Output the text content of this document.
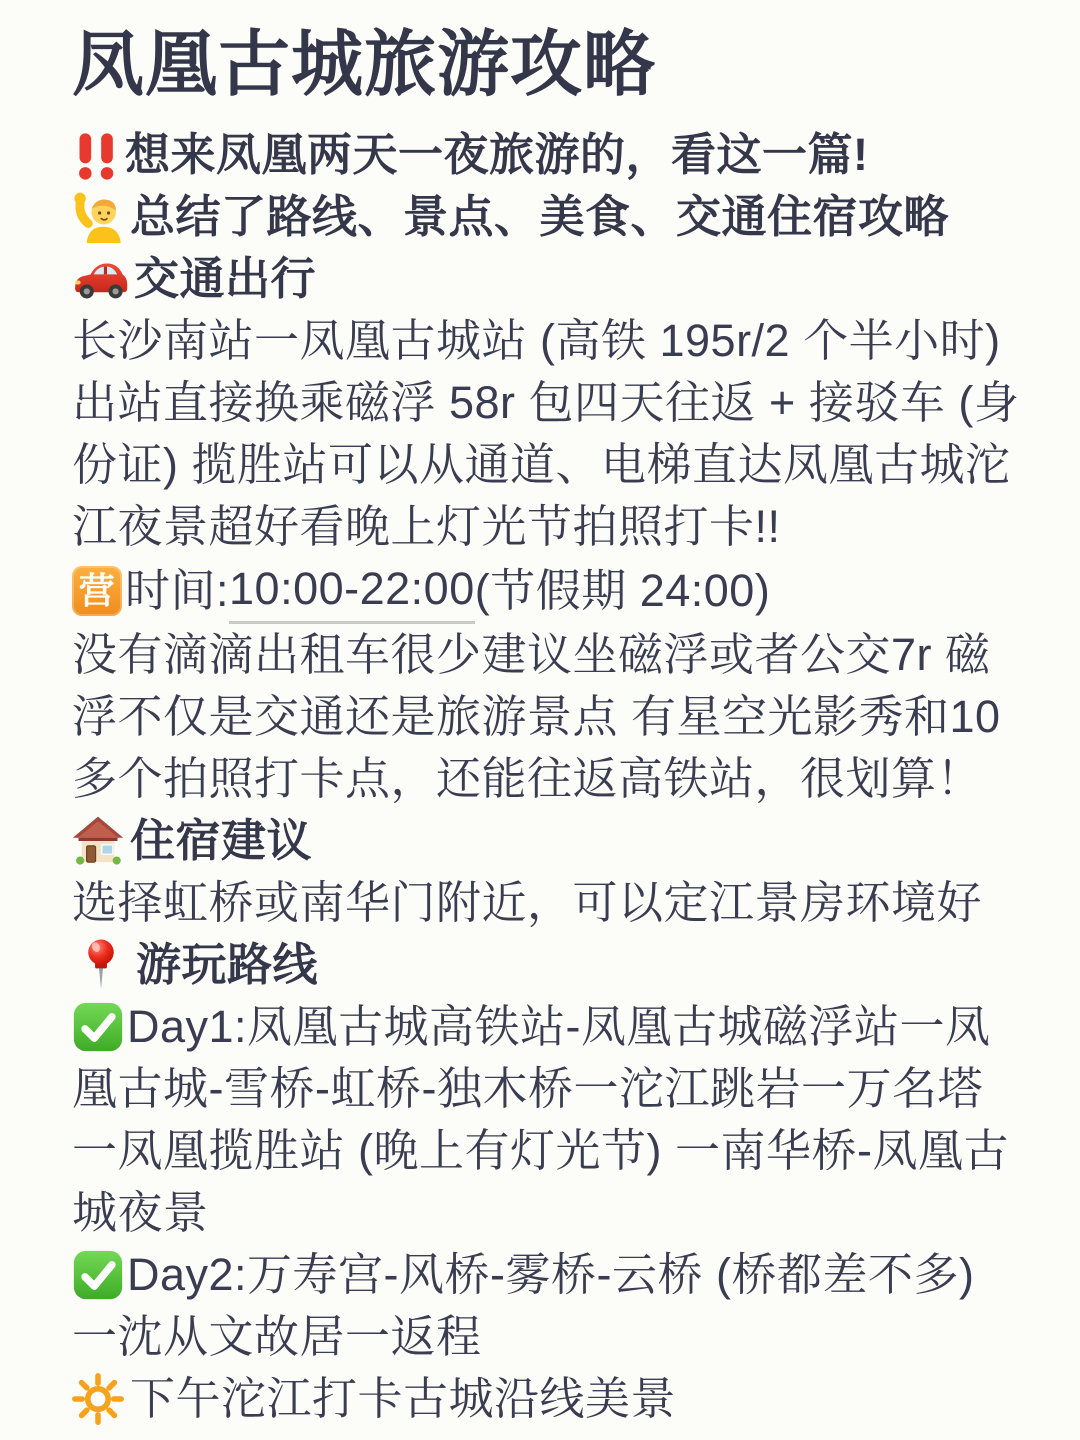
凤凰古城旅游攻略
想来凤凰两天一夜旅游的，看这一篇!
总结了路线、景点、美食、交通住宿攻略
交通出行
长沙南站一凤凰古城站 (高铁 195r/2 个半小时)
出站直接换乘磁浮 58r 包四天往返 + 接驳车 (身
份证) 揽胜站可以从通道、电梯直达凤凰古城沱
江夜景超好看晚上灯光节拍照打卡!!
营 时间: 10:00-22:00 (节假期 24:00)
没有滴滴出租车很少建议坐磁浮或者公交7r 磁
浮不仅是交通还是旅游景点 有星空光影秀和10
多个拍照打卡点，还能往返高铁站，很划算！
住宿建议
选择虹桥或南华门附近，可以定江景房环境好
游玩路线
Day1:凤凰古城高铁站-凤凰古城磁浮站一凤
凰古城-雪桥-虹桥-独木桥一沱江跳岩一万名塔
一凤凰揽胜站 (晚上有灯光节) 一南华桥-凤凰古
城夜景
Day2:万寿宫-风桥-雾桥-云桥 (桥都差不多)
一沈从文故居一返程
下午沱江打卡古城沿线美景
